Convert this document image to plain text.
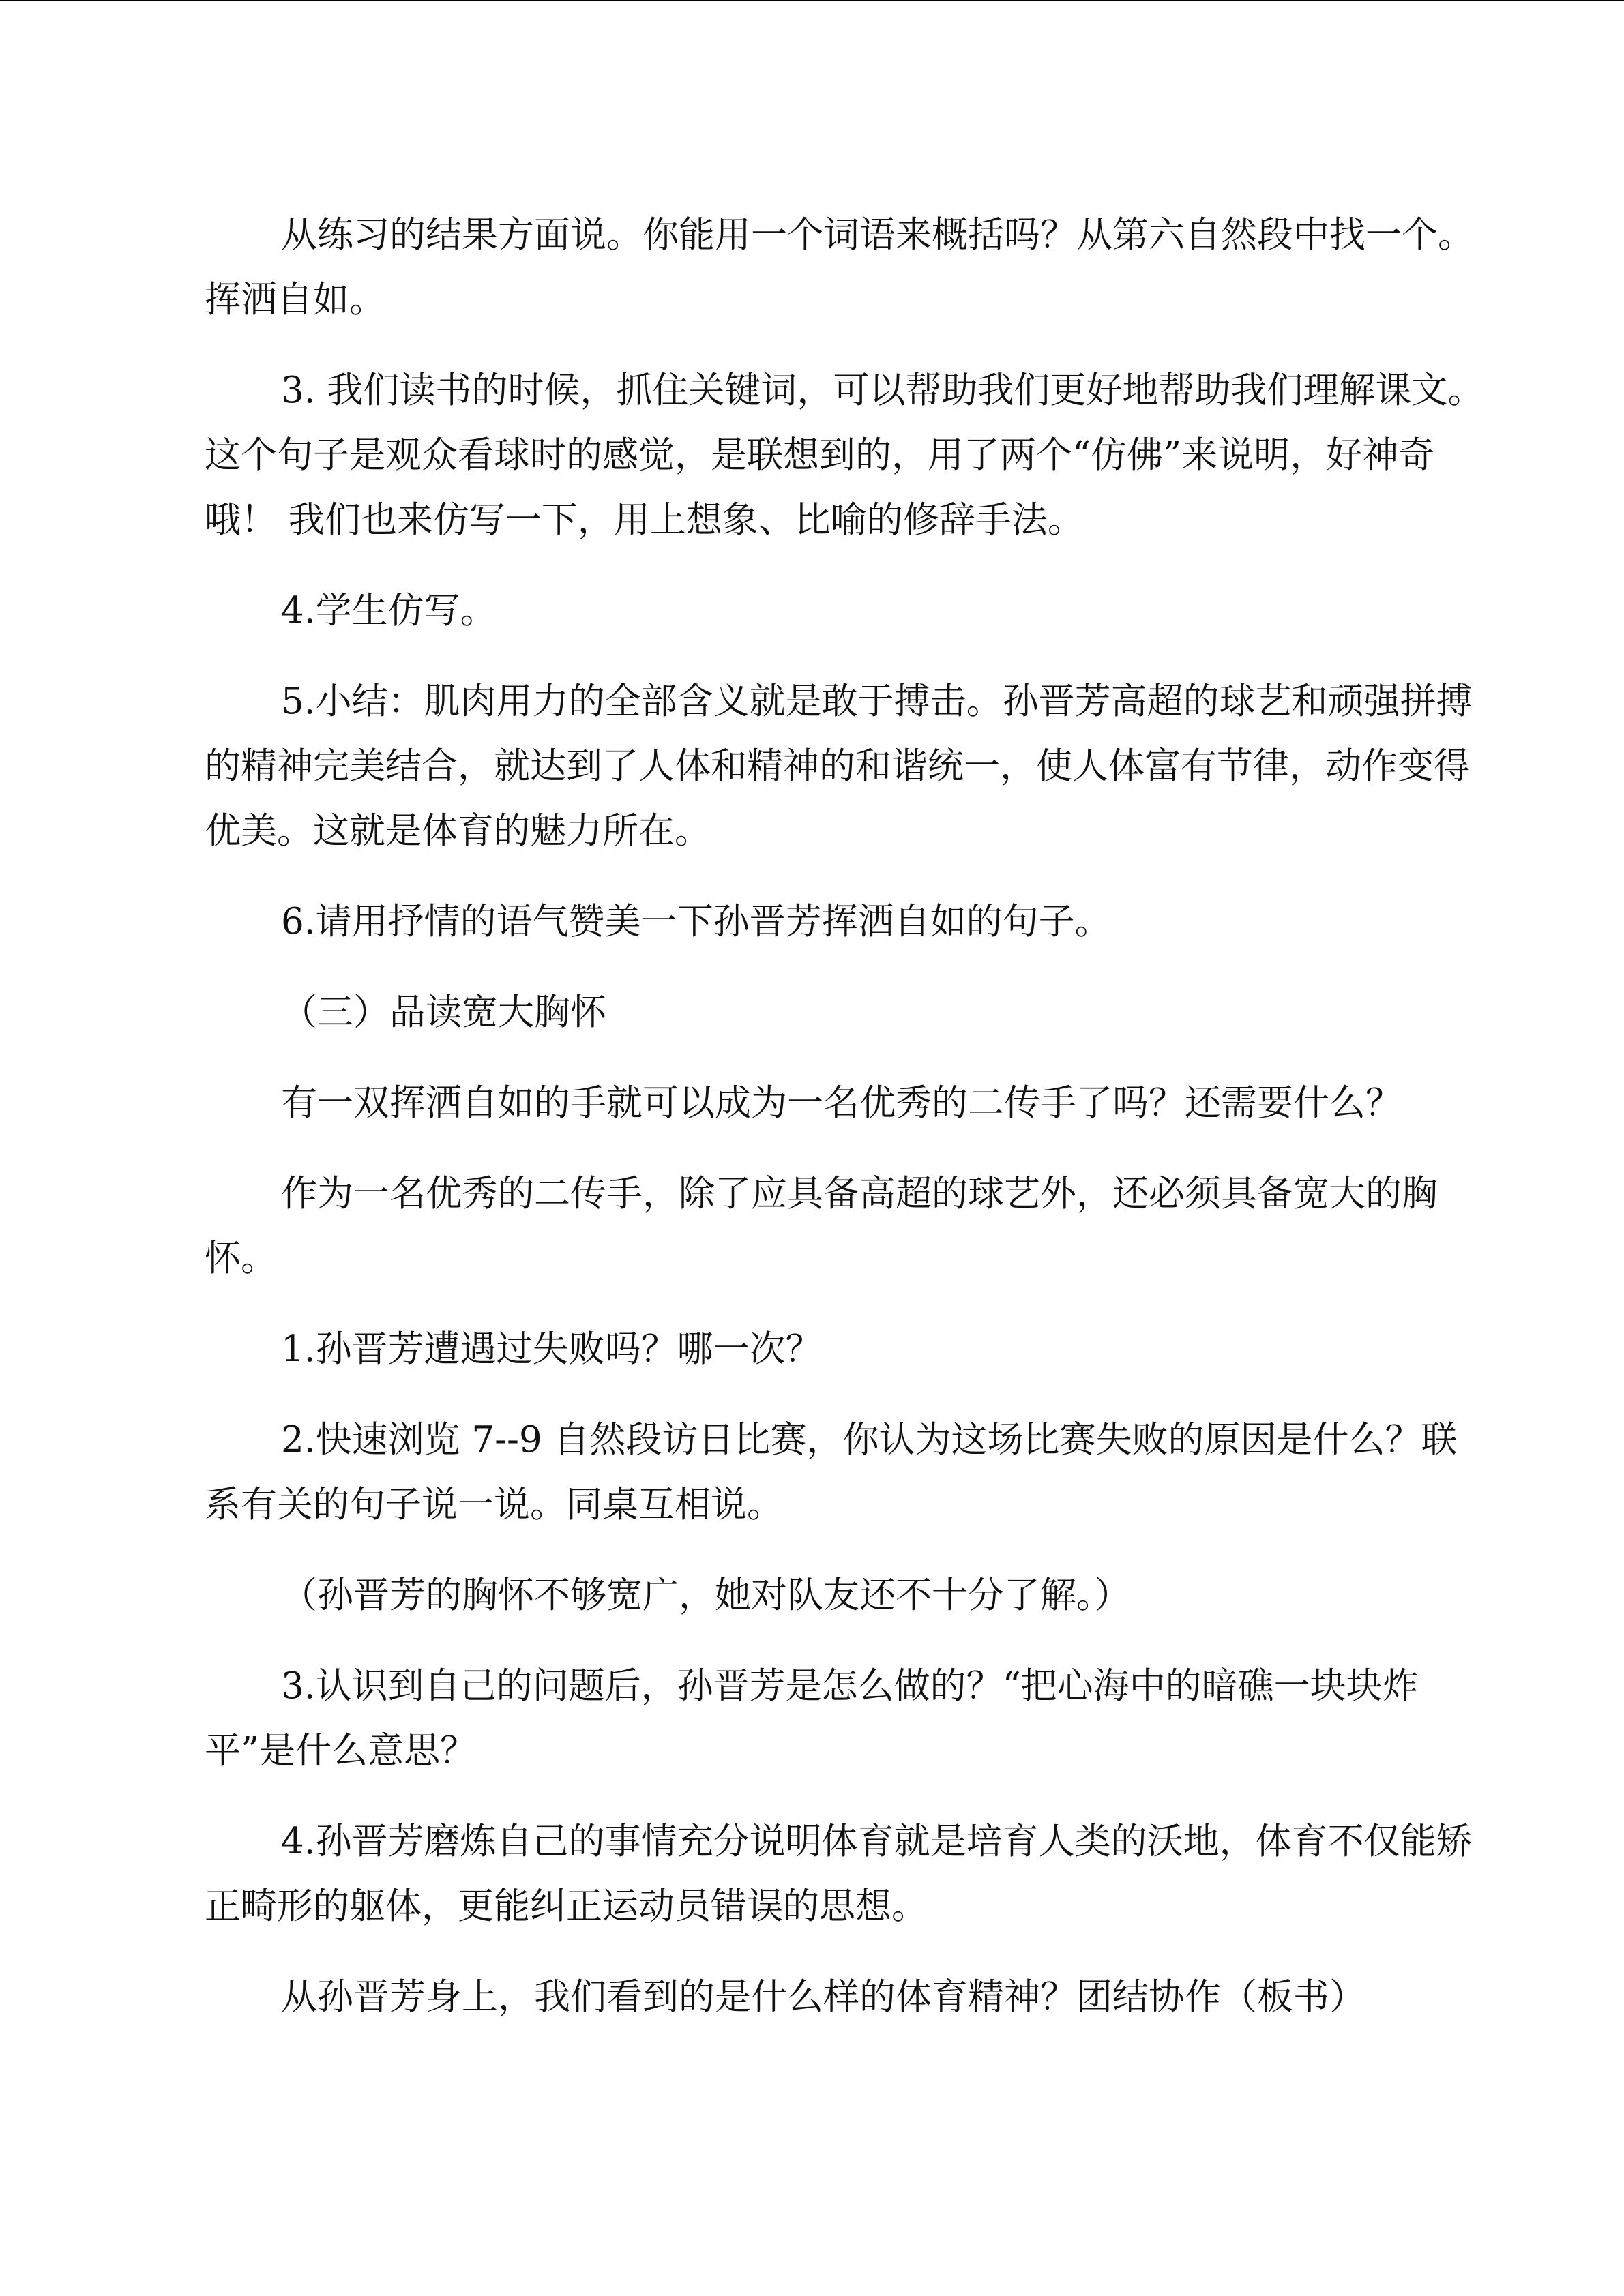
从练习的结果方面说。你能用一个词语来概括吗？从第六自然段中找一个。挥洒自如。

3. 我们读书的时候，抓住关键词，可以帮助我们更好地帮助我们理解课文。这个句子是观众看球时的感觉，是联想到的，用了两个“仿佛”来说明，好神奇哦！ 我们也来仿写一下，用上想象、比喻的修辞手法。

4.学生仿写。

5.小结：肌肉用力的全部含义就是敢于搏击。孙晋芳高超的球艺和顽强拼搏的精神完美结合，就达到了人体和精神的和谐统一，使人体富有节律，动作变得优美。这就是体育的魅力所在。

6.请用抒情的语气赞美一下孙晋芳挥洒自如的句子。

（三）品读宽大胸怀

有一双挥洒自如的手就可以成为一名优秀的二传手了吗？还需要什么？

作为一名优秀的二传手，除了应具备高超的球艺外，还必须具备宽大的胸怀。

1.孙晋芳遭遇过失败吗？哪一次？

2.快速浏览 7--9 自然段访日比赛，你认为这场比赛失败的原因是什么？联系有关的句子说一说。同桌互相说。

（孙晋芳的胸怀不够宽广，她对队友还不十分了解。）

3.认识到自己的问题后，孙晋芳是怎么做的？“把心海中的暗礁一块块炸平”是什么意思？

4.孙晋芳磨炼自己的事情充分说明体育就是培育人类的沃地，体育不仅能矫正畸形的躯体，更能纠正运动员错误的思想。

从孙晋芳身上，我们看到的是什么样的体育精神？团结协作（板书）
